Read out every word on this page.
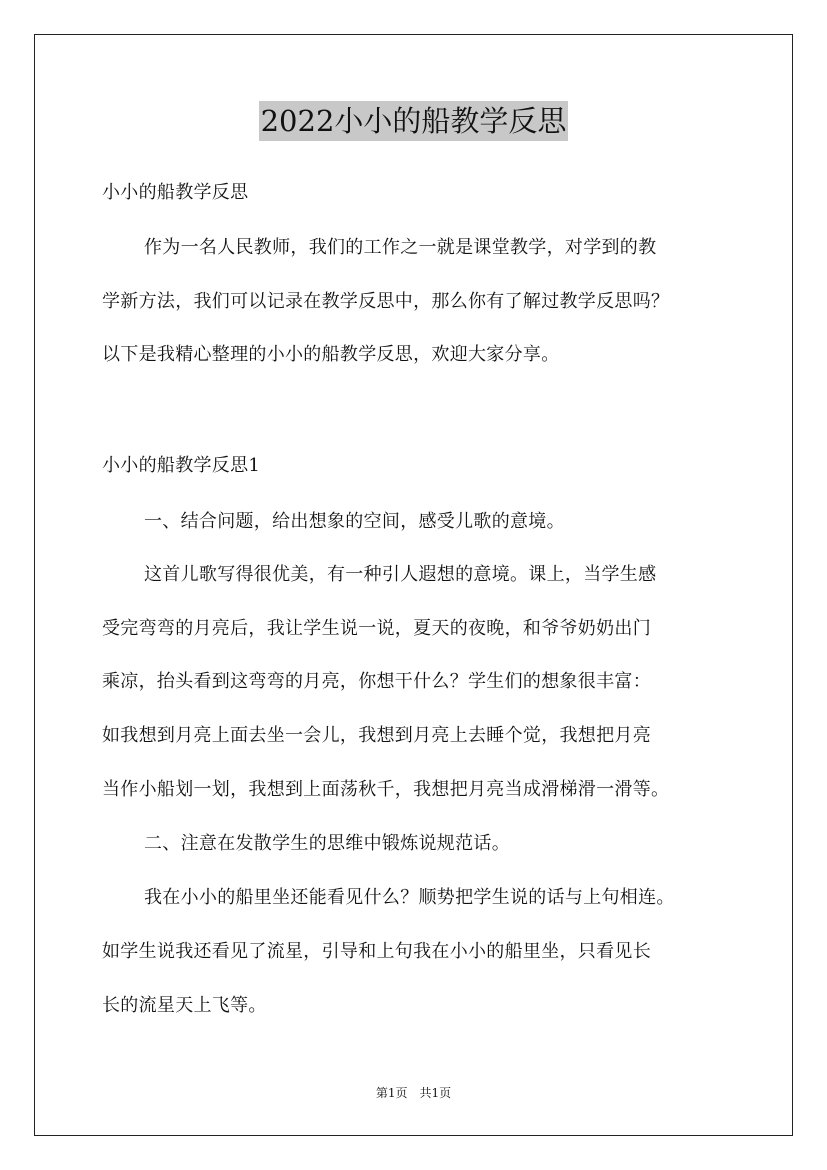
2022小小的船教学反思
小小的船教学反思
作为一名人民教师，我们的工作之一就是课堂教学，对学到的教
学新方法，我们可以记录在教学反思中，那么你有了解过教学反思吗？
以下是我精心整理的小小的船教学反思，欢迎大家分享。
小小的船教学反思1
一、结合问题，给出想象的空间，感受儿歌的意境。
这首儿歌写得很优美，有一种引人遐想的意境。课上，当学生感
受完弯弯的月亮后，我让学生说一说，夏天的夜晚，和爷爷奶奶出门
乘凉，抬头看到这弯弯的月亮，你想干什么？学生们的想象很丰富：
如我想到月亮上面去坐一会儿，我想到月亮上去睡个觉，我想把月亮
当作小船划一划，我想到上面荡秋千，我想把月亮当成滑梯滑一滑等。
二、注意在发散学生的思维中锻炼说规范话。
我在小小的船里坐还能看见什么？顺势把学生说的话与上句相连。
如学生说我还看见了流星，引导和上句我在小小的船里坐，只看见长
长的流星天上飞等。
第1页　共1页
